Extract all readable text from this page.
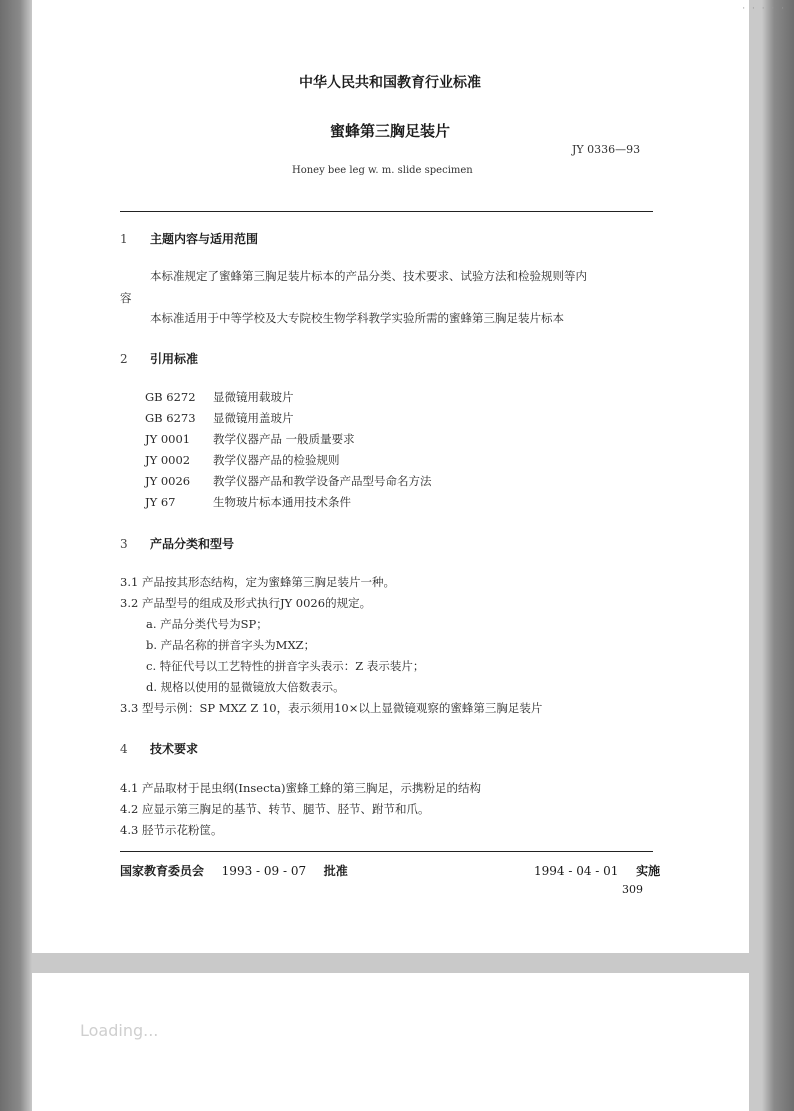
中华人民共和国教育行业标准
蜜蜂第三胸足装片
JY 0336—93
Honey bee leg w. m. slide specimen
1 主题内容与适用范围
本标准规定了蜜蜂第三胸足装片标本的产品分类、技术要求、试验方法和检验规则等内
容
本标准适用于中等学校及大专院校生物学科教学实验所需的蜜蜂第三胸足装片标本
2 引用标准
GB 6272 显微镜用载玻片
GB 6273 显微镜用盖玻片
JY 0001 教学仪器产品 一般质量要求
JY 0002 教学仪器产品的检验规则
JY 0026 教学仪器产品和教学设备产品型号命名方法
JY 67	生物玻片标本通用技术条件
3 产品分类和型号
3.1 产品按其形态结构，定为蜜蜂第三胸足装片一种。
3.2 产品型号的组成及形式执行JY 0026的规定。
a. 产品分类代号为SP；
b. 产品名称的拼音字头为MXZ；
c. 特征代号以工艺特性的拼音字头表示：Z 表示装片；
d. 规格以使用的显微镜放大倍数表示。
3.3 型号示例：SP MXZ Z 10，表示须用10×以上显微镜观察的蜜蜂第三胸足装片
4 技术要求
4.1 产品取材于昆虫纲(Insecta)蜜蜂工蜂的第三胸足，示携粉足的结构
4.2 应显示第三胸足的基节、转节、腿节、胫节、跗节和爪。
4.3 胫节示花粉筐。
国家教育委员会 1993 - 09 - 07 批准	1994 - 04 - 01 实施
309
Loading...
· · · · ·
